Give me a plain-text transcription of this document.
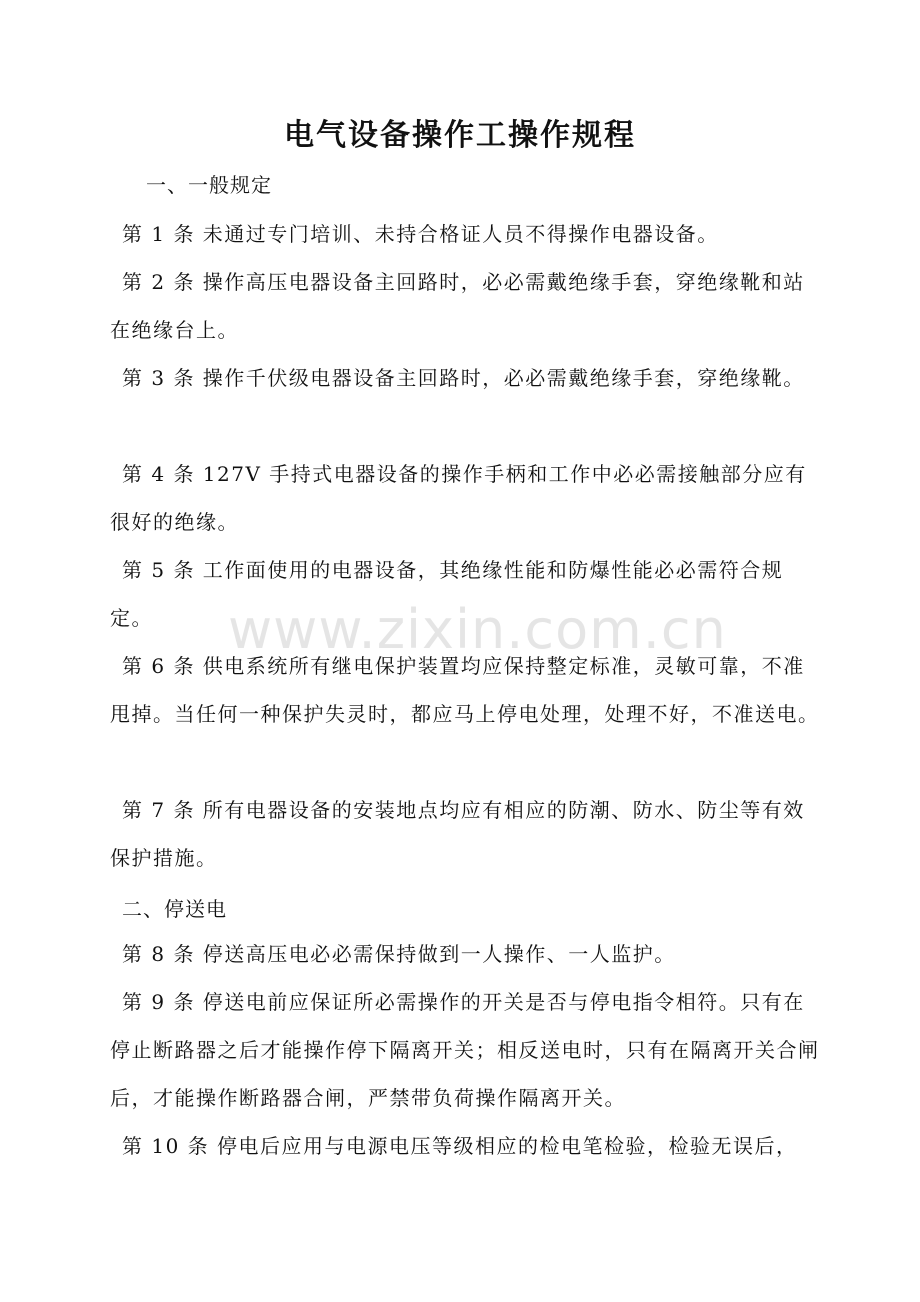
电气设备操作工操作规程
一、一般规定
第 1 条 未通过专门培训、未持合格证人员不得操作电器设备。
第 2 条 操作高压电器设备主回路时，必必需戴绝缘手套，穿绝缘靴和站在绝缘台上。
第 3 条 操作千伏级电器设备主回路时，必必需戴绝缘手套，穿绝缘靴。
第 4 条 127V 手持式电器设备的操作手柄和工作中必必需接触部分应有很好的绝缘。
第 5 条 工作面使用的电器设备，其绝缘性能和防爆性能必必需符合规定。
第 6 条 供电系统所有继电保护装置均应保持整定标准，灵敏可靠，不准甩掉。当任何一种保护失灵时，都应马上停电处理，处理不好，不准送电。
第 7 条 所有电器设备的安装地点均应有相应的防潮、防水、防尘等有效保护措施。
二、停送电
第 8 条 停送高压电必必需保持做到一人操作、一人监护。
第 9 条 停送电前应保证所必需操作的开关是否与停电指令相符。只有在停止断路器之后才能操作停下隔离开关；相反送电时，只有在隔离开关合闸后，才能操作断路器合闸，严禁带负荷操作隔离开关。
第 10 条 停电后应用与电源电压等级相应的检电笔检验，检验无误后，
www.zixin.com.cn
